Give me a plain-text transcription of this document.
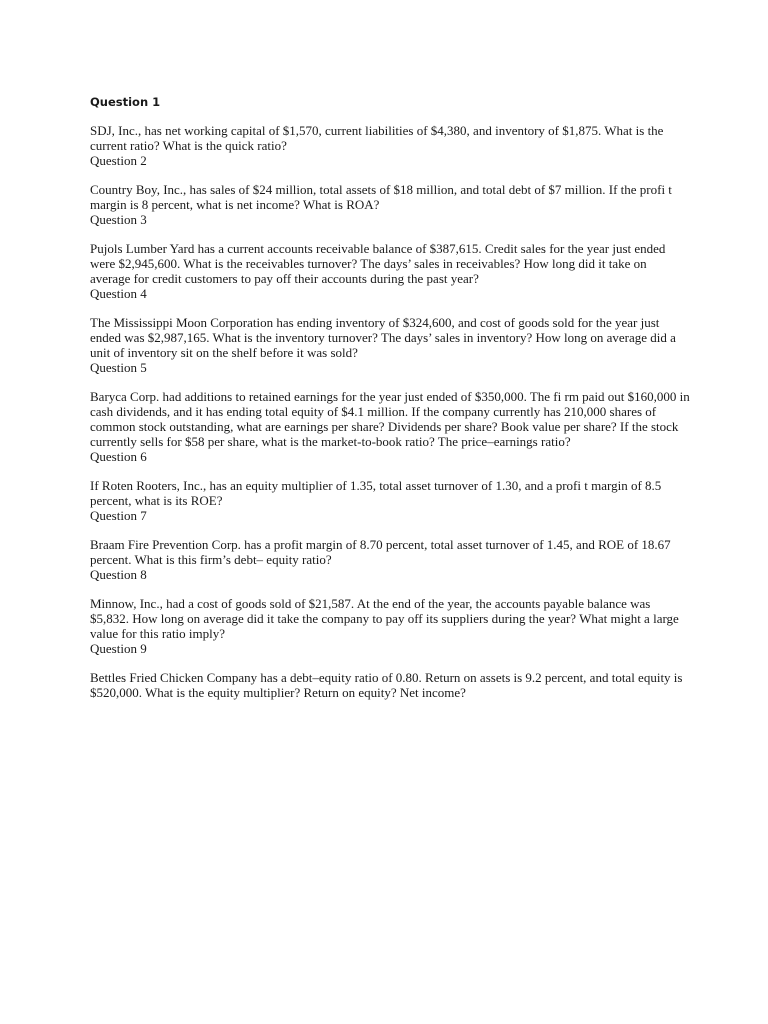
Question 1

SDJ, Inc., has net working capital of $1,570, current liabilities of $4,380, and inventory of $1,875. What is the current ratio? What is the quick ratio?

Question 2

Country Boy, Inc., has sales of $24 million, total assets of $18 million, and total debt of $7 million. If the profi t margin is 8 percent, what is net income? What is ROA?

Question 3

Pujols Lumber Yard has a current accounts receivable balance of $387,615. Credit sales for the year just ended were $2,945,600. What is the receivables turnover? The days’ sales in receivables? How long did it take on average for credit customers to pay off their accounts during the past year?

Question 4

The Mississippi Moon Corporation has ending inventory of $324,600, and cost of goods sold for the year just ended was $2,987,165. What is the inventory turnover? The days’ sales in inventory? How long on average did a unit of inventory sit on the shelf before it was sold?

Question 5

Baryca Corp. had additions to retained earnings for the year just ended of $350,000. The fi rm paid out $160,000 in cash dividends, and it has ending total equity of $4.1 million. If the company currently has 210,000 shares of common stock outstanding, what are earnings per share? Dividends per share? Book value per share? If the stock currently sells for $58 per share, what is the market-to-book ratio? The price–earnings ratio?

Question 6

If Roten Rooters, Inc., has an equity multiplier of 1.35, total asset turnover of 1.30, and a profi t margin of 8.5 percent, what is its ROE?

Question 7

Braam Fire Prevention Corp. has a profit margin of 8.70 percent, total asset turnover of 1.45, and ROE of 18.67 percent. What is this firm’s debt– equity ratio?

Question 8

Minnow, Inc., had a cost of goods sold of $21,587. At the end of the year, the accounts payable balance was $5,832. How long on average did it take the company to pay off its suppliers during the year? What might a large value for this ratio imply?

Question 9

Bettles Fried Chicken Company has a debt–equity ratio of 0.80. Return on assets is 9.2 percent, and total equity is $520,000. What is the equity multiplier? Return on equity? Net income?
